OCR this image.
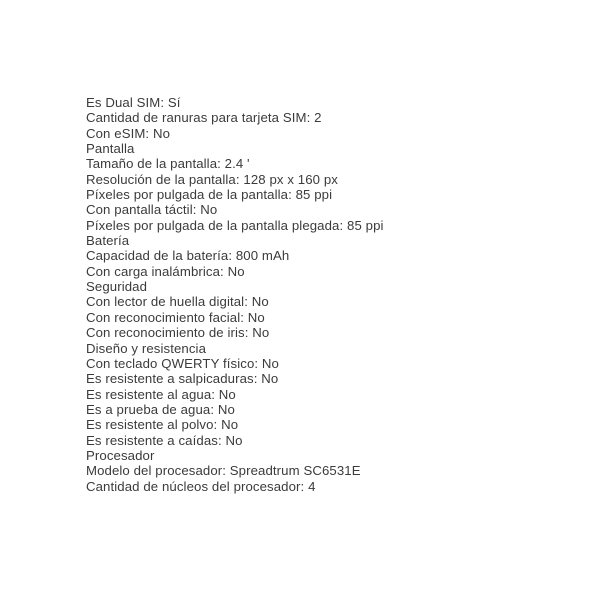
Es Dual SIM: Sí
Cantidad de ranuras para tarjeta SIM: 2
Con eSIM: No
Pantalla
Tamaño de la pantalla: 2.4 '
Resolución de la pantalla: 128 px x 160 px
Píxeles por pulgada de la pantalla: 85 ppi
Con pantalla táctil: No
Píxeles por pulgada de la pantalla plegada: 85 ppi
Batería
Capacidad de la batería: 800 mAh
Con carga inalámbrica: No
Seguridad
Con lector de huella digital: No
Con reconocimiento facial: No
Con reconocimiento de iris: No
Diseño y resistencia
Con teclado QWERTY físico: No
Es resistente a salpicaduras: No
Es resistente al agua: No
Es a prueba de agua: No
Es resistente al polvo: No
Es resistente a caídas: No
Procesador
Modelo del procesador: Spreadtrum SC6531E
Cantidad de núcleos del procesador: 4
